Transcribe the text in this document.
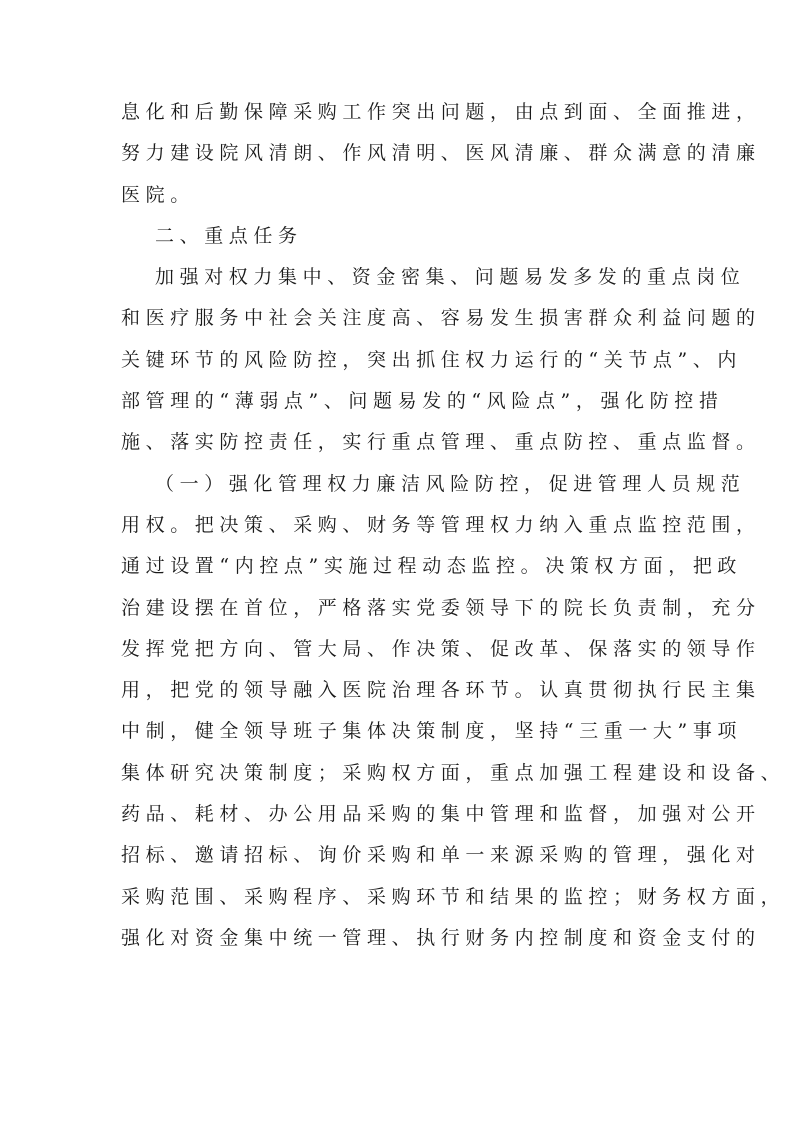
息化和后勤保障采购工作突出问题，由点到面、全面推进，
努力建设院风清朗、作风清明、医风清廉、群众满意的清廉
医院。
二、重点任务
加强对权力集中、资金密集、问题易发多发的重点岗位
和医疗服务中社会关注度高、容易发生损害群众利益问题的
关键环节的风险防控，突出抓住权力运行的“关节点”、内
部管理的“薄弱点”、问题易发的“风险点”，强化防控措
施、落实防控责任，实行重点管理、重点防控、重点监督。
（一）强化管理权力廉洁风险防控，促进管理人员规范
用权。把决策、采购、财务等管理权力纳入重点监控范围，
通过设置“内控点”实施过程动态监控。决策权方面，把政
治建设摆在首位，严格落实党委领导下的院长负责制，充分
发挥党把方向、管大局、作决策、促改革、保落实的领导作
用，把党的领导融入医院治理各环节。认真贯彻执行民主集
中制，健全领导班子集体决策制度，坚持“三重一大”事项
集体研究决策制度；采购权方面，重点加强工程建设和设备、
药品、耗材、办公用品采购的集中管理和监督，加强对公开
招标、邀请招标、询价采购和单一来源采购的管理，强化对
采购范围、采购程序、采购环节和结果的监控；财务权方面，
强化对资金集中统一管理、执行财务内控制度和资金支付的
